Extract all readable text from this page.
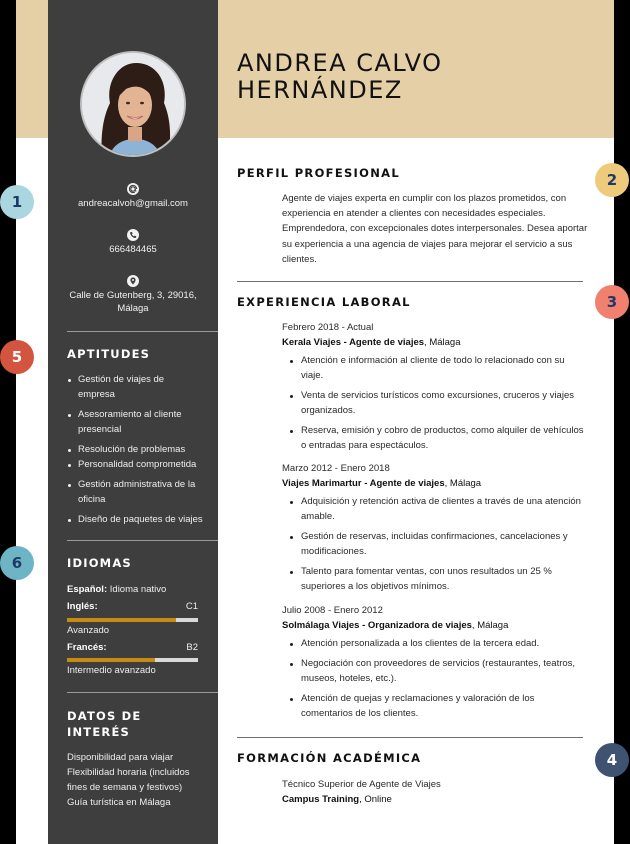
ANDREA CALVO
HERNÁNDEZ
andreacalvoh@gmail.com
666484465
Calle de Gutenberg, 3, 29016,
Málaga
APTITUDES
Gestión de viajes de
empresa
Asesoramiento al cliente
presencial
Resolución de problemas
Personalidad comprometida
Gestión administrativa de la
oficina
Diseño de paquetes de viajes
IDIOMAS
Español: Idioma nativo
Inglés:	C1
Avanzado
Francés:	B2
Intermedio avanzado
DATOS DE
INTERÉS
Disponibilidad para viajar
Flexibilidad horaria (incluidos
fines de semana y festivos)
Guía turística en Málaga
PERFIL PROFESIONAL
Agente de viajes experta en cumplir con los plazos prometidos, con experiencia en atender a clientes con necesidades especiales. Emprendedora, con excepcionales dotes interpersonales. Desea aportar su experiencia a una agencia de viajes para mejorar el servicio a sus clientes.
EXPERIENCIA LABORAL
Febrero 2018 - Actual
Kerala Viajes - Agente de viajes, Málaga
Atención e información al cliente de todo lo relacionado con su viaje.
Venta de servicios turísticos como excursiones, cruceros y viajes organizados.
Reserva, emisión y cobro de productos, como alquiler de vehículos o entradas para espectáculos.
Marzo 2012 - Enero 2018
Viajes Marimartur - Agente de viajes, Málaga
Adquisición y retención activa de clientes a través de una atención amable.
Gestión de reservas, incluidas confirmaciones, cancelaciones y modificaciones.
Talento para fomentar ventas, con unos resultados un 25 % superiores a los objetivos mínimos.
Julio 2008 - Enero 2012
Solmálaga Viajes - Organizadora de viajes, Málaga
Atención personalizada a los clientes de la tercera edad.
Negociación con proveedores de servicios (restaurantes, teatros, museos, hoteles, etc.).
Atención de quejas y reclamaciones y valoración de los comentarios de los clientes.
FORMACIÓN ACADÉMICA
Técnico Superior de Agente de Viajes
Campus Training, Online
1
2
3
4
5
6
